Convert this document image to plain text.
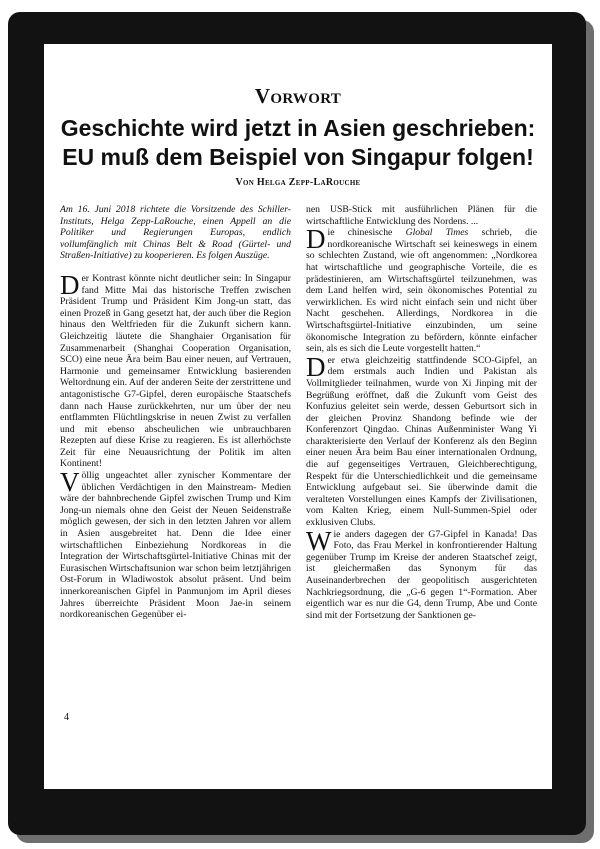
Vorwort
Geschichte wird jetzt in Asien geschrieben:
EU muß dem Beispiel von Singapur folgen!
Von Helga Zepp-LaRouche

Am 16. Juni 2018 richtete die Vorsitzende des Schiller-Instituts, Helga Zepp-LaRouche, einen Appell an die Politiker und Regierungen Europas, endlich vollumfänglich mit Chinas Belt & Road (Gürtel- und Straßen-Initiative) zu kooperieren. Es folgen Auszüge.

Der Kontrast könnte nicht deutlicher sein: In Singapur fand Mitte Mai das historische Treffen zwischen Präsident Trump und Präsident Kim Jong-un statt, das einen Prozeß in Gang gesetzt hat, der auch über die Region hinaus den Weltfrieden für die Zukunft sichern kann. Gleichzeitig läutete die Shanghaier Organisation für Zusammenarbeit (Shanghai Cooperation Organisation, SCO) eine neue Ära beim Bau einer neuen, auf Vertrauen, Harmonie und gemeinsamer Entwicklung basierenden Weltordnung ein. Auf der anderen Seite der zerstrittene und antagonistische G7-Gipfel, deren europäische Staatschefs dann nach Hause zurückkehrten, nur um über der neu entflammten Flüchtlingskrise in neuen Zwist zu verfallen und mit ebenso abscheulichen wie unbrauchbaren Rezepten auf diese Krise zu reagieren. Es ist allerhöchste Zeit für eine Neuausrichtung der Politik im alten Kontinent!

Völlig ungeachtet aller zynischer Kommentare der üblichen Verdächtigen in den Mainstream- Medien wäre der bahnbrechende Gipfel zwischen Trump und Kim Jong-un niemals ohne den Geist der Neuen Seidenstraße möglich gewesen, der sich in den letzten Jahren vor allem in Asien ausgebreitet hat. Denn die Idee einer wirtschaftlichen Einbeziehung Nordkoreas in die Integration der Wirtschaftsgürtel-Initiative Chinas mit der Eurasischen Wirtschaftsunion war schon beim letztjährigen Ost-Forum in Wladiwostok absolut präsent. Und beim innerkoreanischen Gipfel in Panmunjom im April dieses Jahres überreichte Präsident Moon Jae-in seinem nordkoreanischen Gegenüber ei-

nen USB-Stick mit ausführlichen Plänen für die wirtschaftliche Entwicklung des Nordens. ...

Die chinesische Global Times schrieb, die nordkoreanische Wirtschaft sei keineswegs in einem so schlechten Zustand, wie oft angenommen: „Nordkorea hat wirtschaftliche und geographische Vorteile, die es prädestinieren, am Wirtschaftsgürtel teilzunehmen, was dem Land helfen wird, sein ökonomisches Potential zu verwirklichen. Es wird nicht einfach sein und nicht über Nacht geschehen. Allerdings, Nordkorea in die Wirtschaftsgürtel-Initiative einzubinden, um seine ökonomische Integration zu befördern, könnte einfacher sein, als es sich die Leute vorgestellt hatten.“

Der etwa gleichzeitig stattfindende SCO-Gipfel, an dem erstmals auch Indien und Pakistan als Vollmitglieder teilnahmen, wurde von Xi Jinping mit der Begrüßung eröffnet, daß die Zukunft vom Geist des Konfuzius geleitet sein werde, dessen Geburtsort sich in der gleichen Provinz Shandong befinde wie der Konferenzort Qingdao. Chinas Außenminister Wang Yi charakterisierte den Verlauf der Konferenz als den Beginn einer neuen Ära beim Bau einer internationalen Ordnung, die auf gegenseitiges Vertrauen, Gleichberechtigung, Respekt für die Unterschiedlichkeit und die gemeinsame Entwicklung aufgebaut sei. Sie überwinde damit die veralteten Vorstellungen eines Kampfs der Zivilisationen, vom Kalten Krieg, einem Null-Summen-Spiel oder exklusiven Clubs.

Wie anders dagegen der G7-Gipfel in Kanada! Das Foto, das Frau Merkel in konfrontierender Haltung gegenüber Trump im Kreise der anderen Staatschef zeigt, ist gleichermaßen das Synonym für das Auseinanderbrechen der geopolitisch ausgerichteten Nachkriegsordnung, die „G-6 gegen 1“-Formation. Aber eigentlich war es nur die G4, denn Trump, Abe und Conte sind mit der Fortsetzung der Sanktionen ge-

4
